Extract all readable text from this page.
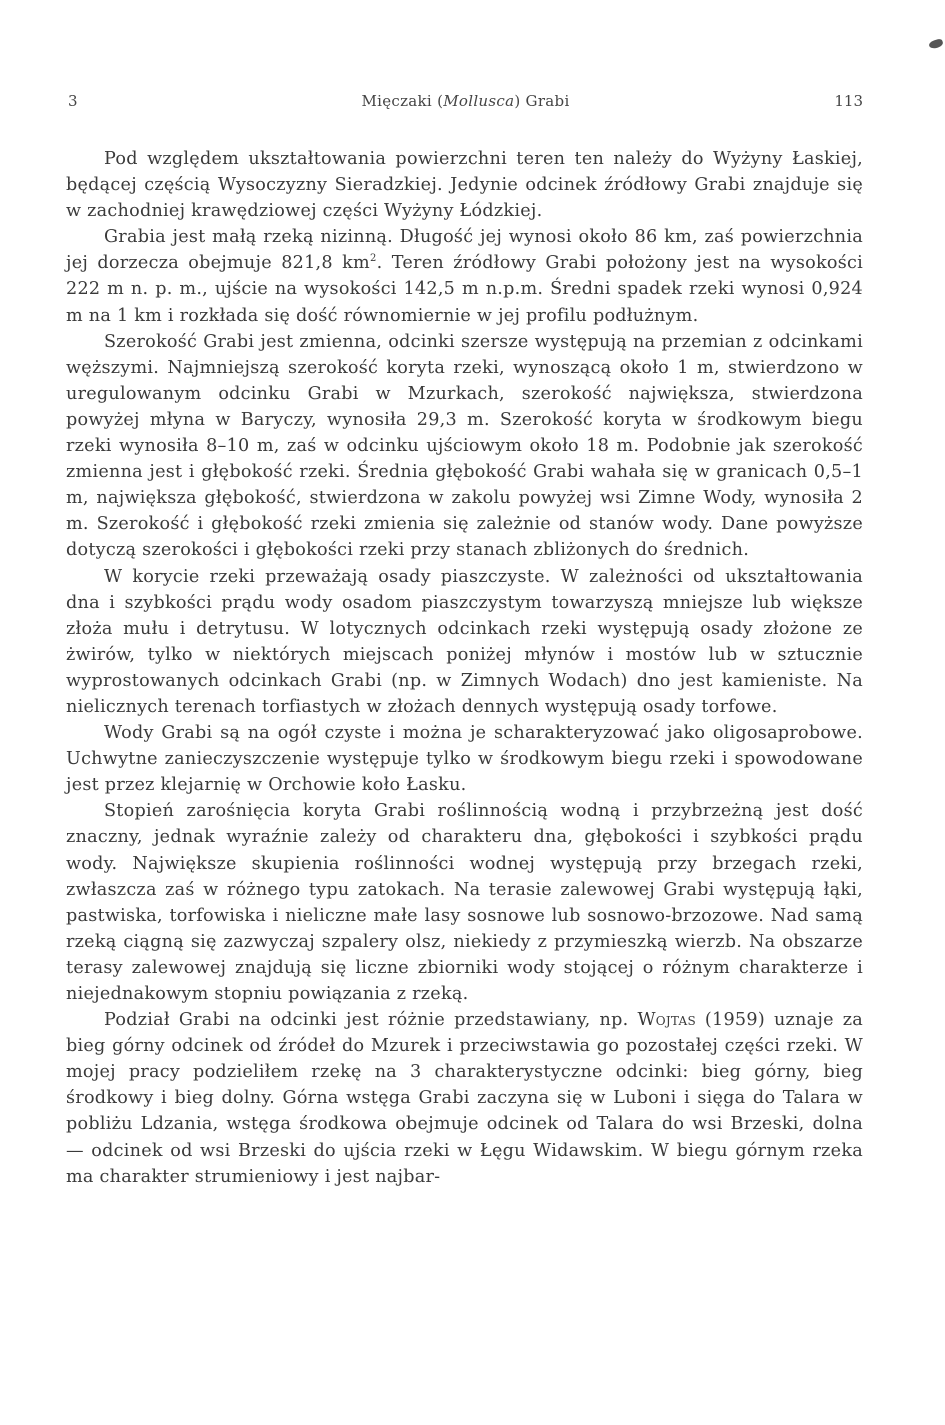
3	Mięczaki (Mollusca) Grabi	113

Pod względem ukształtowania powierzchni teren ten należy do Wyżyny Łaskiej, będącej częścią Wysoczyzny Sieradzkiej. Jedynie odcinek źródłowy Grabi znajduje się w zachodniej krawędziowej części Wyżyny Łódzkiej.

Grabia jest małą rzeką nizinną. Długość jej wynosi około 86 km, zaś powierzchnia jej dorzecza obejmuje 821,8 $km^2$. Teren źródłowy Grabi położony jest na wysokości 222 m n. p. m., ujście na wysokości 142,5 m n.p.m. Średni spadek rzeki wynosi 0,924 m na 1 km i rozkłada się dość równomiernie w jej profilu podłużnym.

Szerokość Grabi jest zmienna, odcinki szersze występują na przemian z odcinkami węższymi. Najmniejszą szerokość koryta rzeki, wynoszącą około 1 m, stwierdzono w uregulowanym odcinku Grabi w Mzurkach, szerokość największa, stwierdzona powyżej młyna w Baryczy, wynosiła 29,3 m. Szerokość koryta w środkowym biegu rzeki wynosiła 8–10 m, zaś w odcinku ujściowym około 18 m. Podobnie jak szerokość zmienna jest i głębokość rzeki. Średnia głębokość Grabi wahała się w granicach 0,5–1 m, największa głębokość, stwierdzona w zakolu powyżej wsi Zimne Wody, wynosiła 2 m. Szerokość i głębokość rzeki zmienia się zależnie od stanów wody. Dane powyższe dotyczą szerokości i głębokości rzeki przy stanach zbliżonych do średnich.

W korycie rzeki przeważają osady piaszczyste. W zależności od ukształtowania dna i szybkości prądu wody osadom piaszczystym towarzyszą mniejsze lub większe złoża mułu i detrytusu. W lotycznych odcinkach rzeki występują osady złożone ze żwirów, tylko w niektórych miejscach poniżej młynów i mostów lub w sztucznie wyprostowanych odcinkach Grabi (np. w Zimnych Wodach) dno jest kamieniste. Na nielicznych terenach torfiastych w złożach dennych występują osady torfowe.

Wody Grabi są na ogół czyste i można je scharakteryzować jako oligosaprobowe. Uchwytne zanieczyszczenie występuje tylko w środkowym biegu rzeki i spowodowane jest przez klejarnię w Orchowie koło Łasku.

Stopień zarośnięcia koryta Grabi roślinnością wodną i przybrzeżną jest dość znaczny, jednak wyraźnie zależy od charakteru dna, głębokości i szybkości prądu wody. Największe skupienia roślinności wodnej występują przy brzegach rzeki, zwłaszcza zaś w różnego typu zatokach. Na terasie zalewowej Grabi występują łąki, pastwiska, torfowiska i nieliczne małe lasy sosnowe lub sosnowo-brzozowe. Nad samą rzeką ciągną się zazwyczaj szpalery olsz, niekiedy z przymieszką wierzb. Na obszarze terasy zalewowej znajdują się liczne zbiorniki wody stojącej o różnym charakterze i niejednakowym stopniu powiązania z rzeką.

Podział Grabi na odcinki jest różnie przedstawiany, np. Wojtas (1959) uznaje za bieg górny odcinek od źródeł do Mzurek i przeciwstawia go pozostałej części rzeki. W mojej pracy podzieliłem rzekę na 3 charakterystyczne odcinki: bieg górny, bieg środkowy i bieg dolny. Górna wstęga Grabi zaczyna się w Luboni i sięga do Talara w pobliżu Ldzania, wstęga środkowa obejmuje odcinek od Talara do wsi Brzeski, dolna — odcinek od wsi Brzeski do ujścia rzeki w Łęgu Widawskim. W biegu górnym rzeka ma charakter strumieniowy i jest najbar-
